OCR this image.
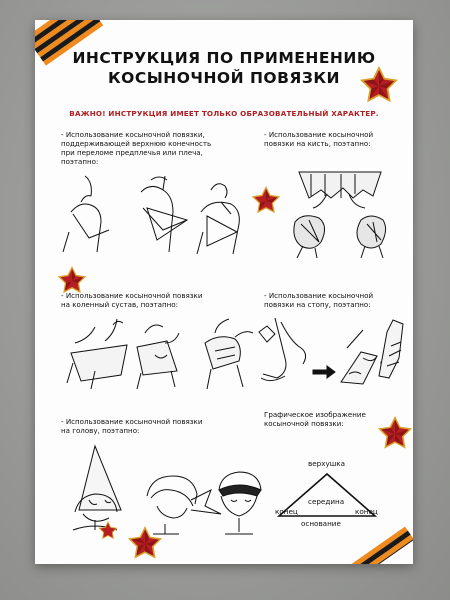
ИНСТРУКЦИЯ ПО ПРИМЕНЕНИЮ
КОСЫНОЧНОЙ ПОВЯЗКИ
ВАЖНО! ИНСТРУКЦИЯ ИМЕЕТ ТОЛЬКО ОБРАЗОВАТЕЛЬНЫЙ ХАРАКТЕР.
- Использование косыночной повязки,
поддерживающей верхнюю конечность
при переломе предплечья или плеча,
поэтапно:
- Использование косыночной
повязки на кисть, поэтапно:
- Использование косыночной повязки
на коленный сустав, поэтапно:
- Использование косыночной
повязки на стопу, поэтапно:
- Использование косыночной повязки
на голову, поэтапно:
Графическое изображение
косыночной повязки:
верхушка
середина
конец	конец
основание
